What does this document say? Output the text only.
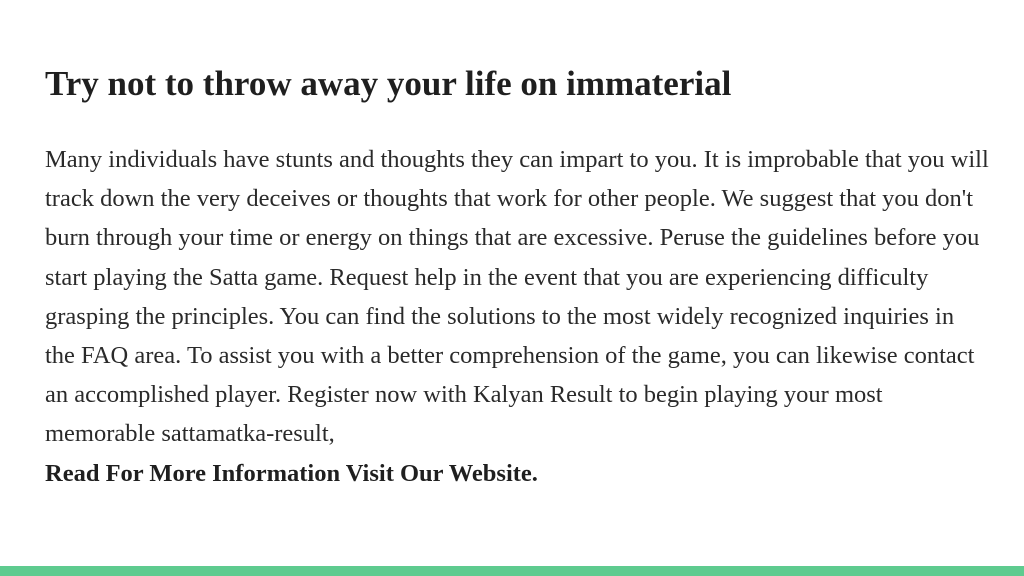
Try not to throw away your life on immaterial

Many individuals have stunts and thoughts they can impart to you. It is improbable that you will track down the very deceives or thoughts that work for other people. We suggest that you don't burn through your time or energy on things that are excessive. Peruse the guidelines before you start playing the Satta game. Request help in the event that you are experiencing difficulty grasping the principles. You can find the solutions to the most widely recognized inquiries in the FAQ area. To assist you with a better comprehension of the game, you can likewise contact an accomplished player. Register now with Kalyan Result to begin playing your most memorable sattamatka-result,
Read For More Information Visit Our Website.
